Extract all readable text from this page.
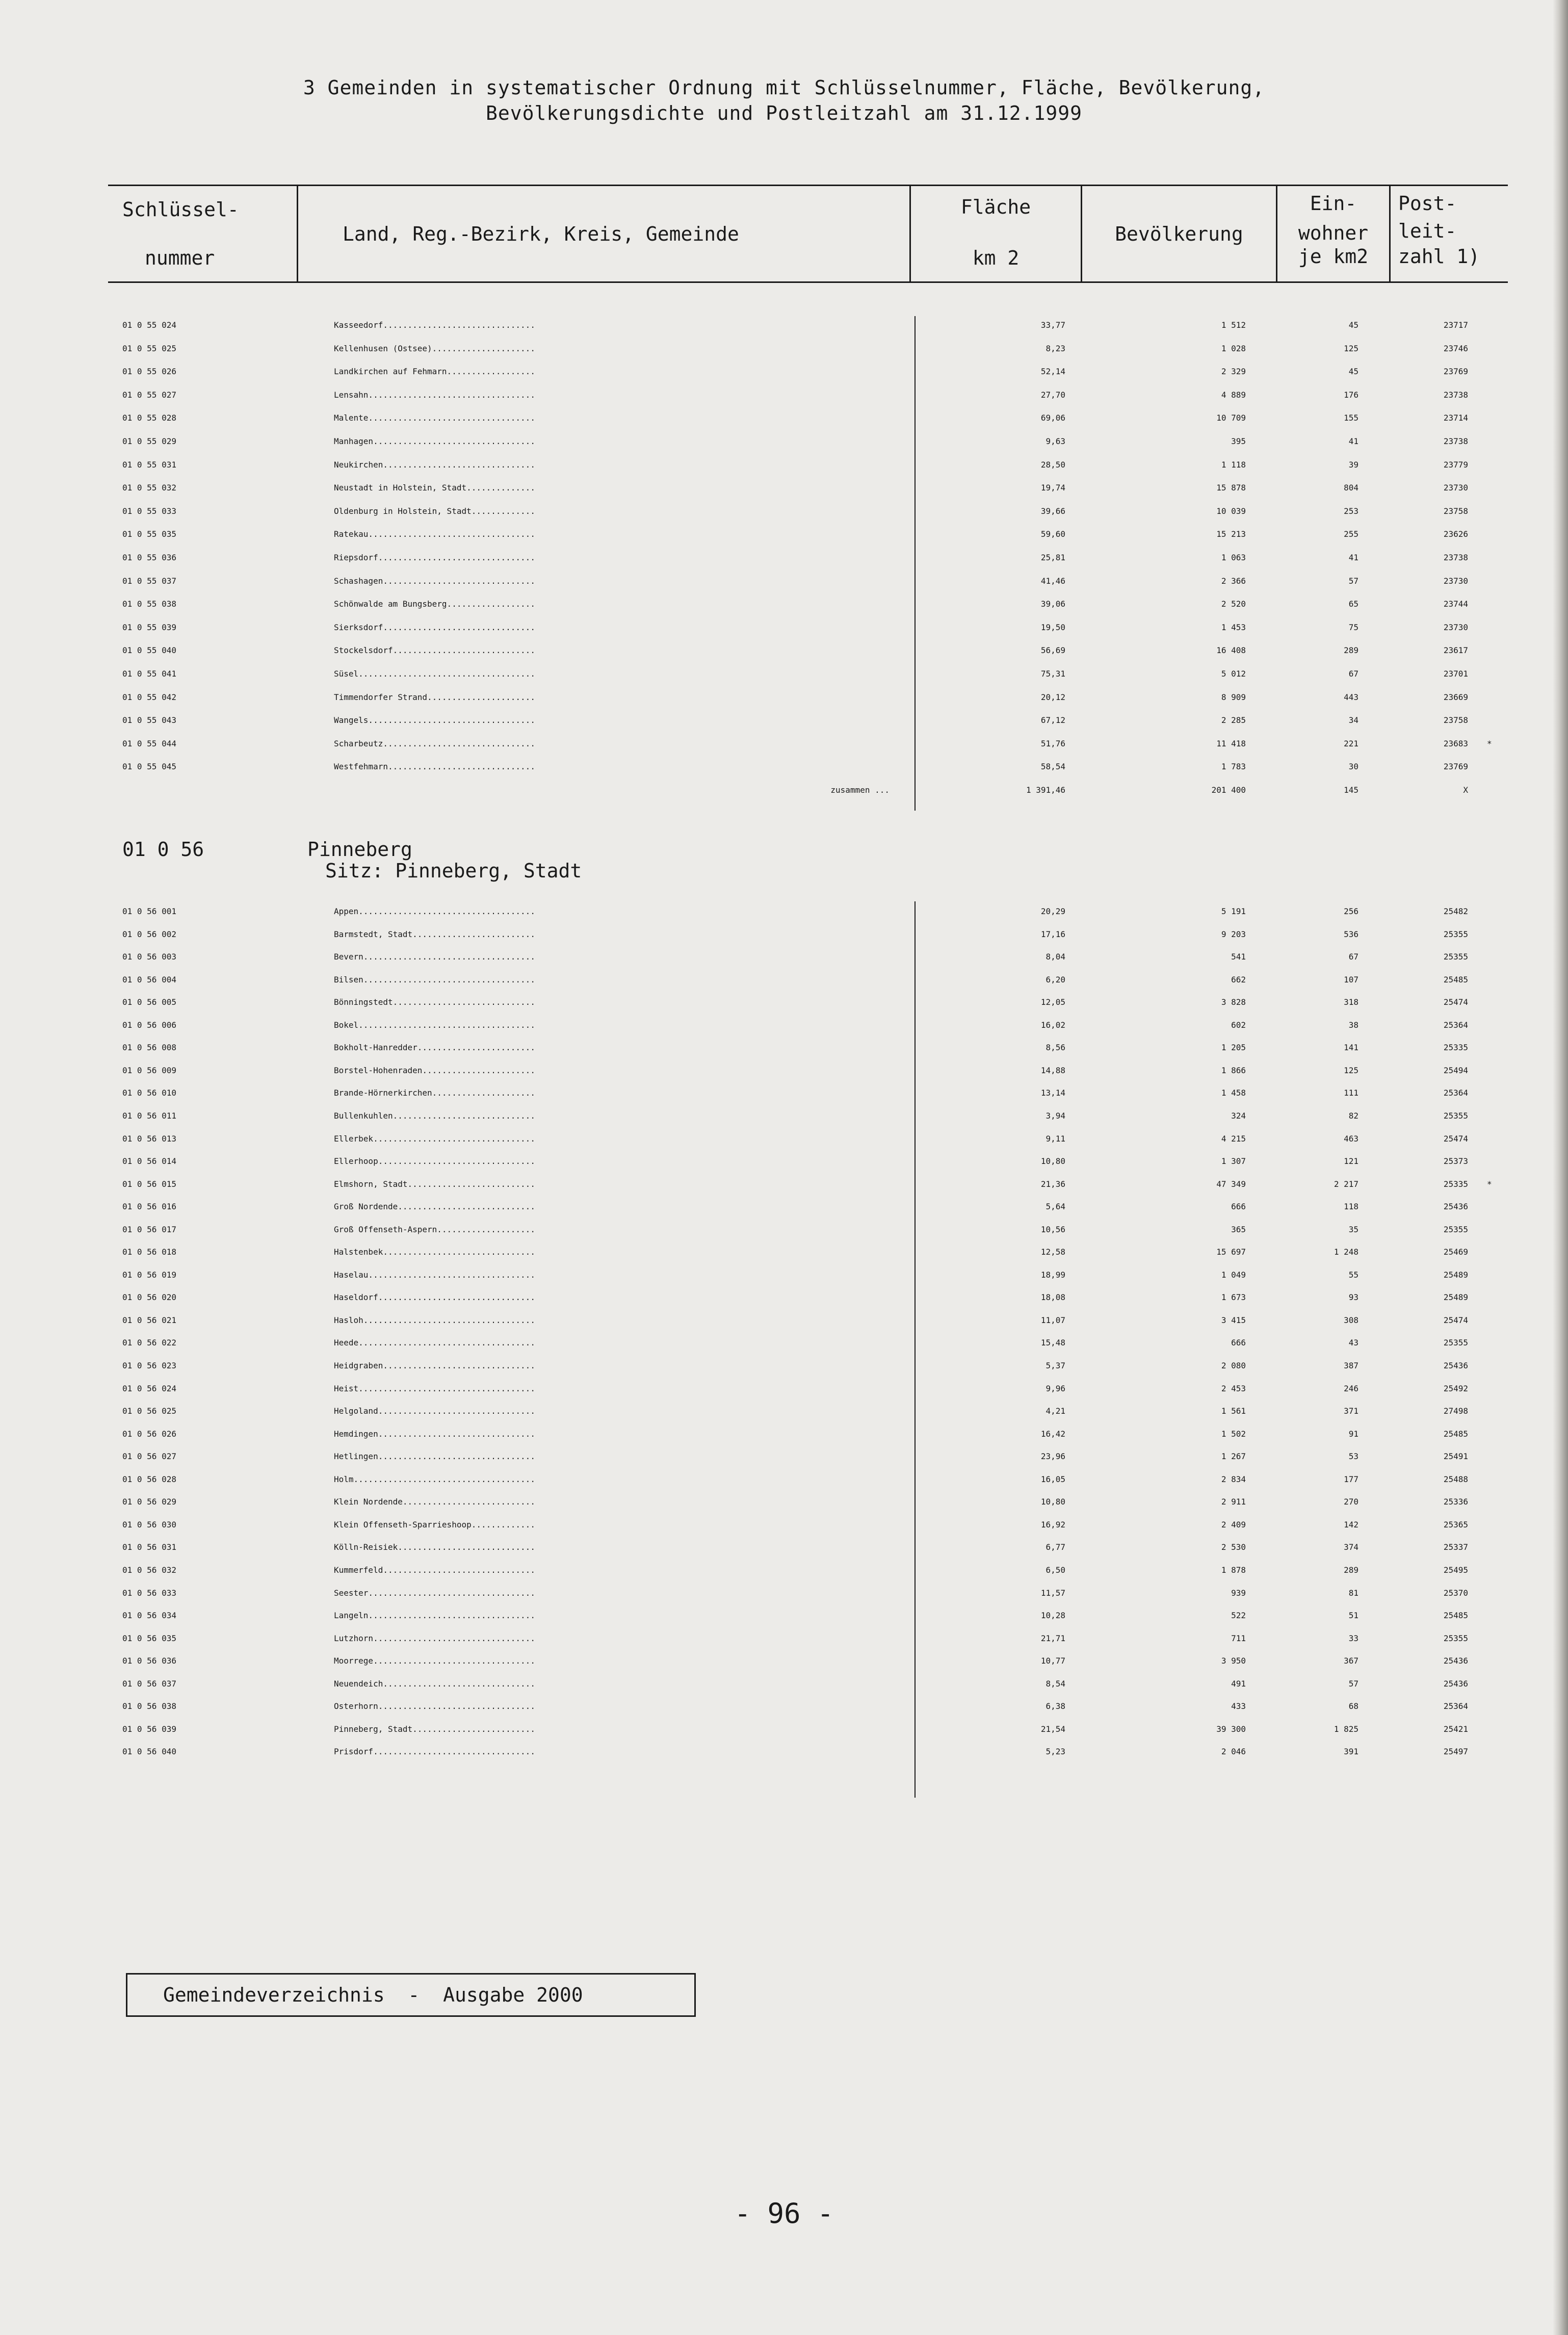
3 Gemeinden in systematischer Ordnung mit Schlüsselnummer, Fläche, Bevölkerung,
Bevölkerungsdichte und Postleitzahl am 31.12.1999
Schlüssel-
nummer
Land, Reg.-Bezirk, Kreis, Gemeinde
Fläche
km 2
Bevölkerung
Ein-
wohner
je km2
Post-
leit-
zahl 1)
01 0 55 024	Kasseedorf...............................	33,77	1 512	45	23717
01 0 55 025	Kellenhusen (Ostsee).....................	8,23	1 028	125	23746
01 0 55 026	Landkirchen auf Fehmarn..................	52,14	2 329	45	23769
01 0 55 027	Lensahn..................................	27,70	4 889	176	23738
01 0 55 028	Malente..................................	69,06	10 709	155	23714
01 0 55 029	Manhagen.................................	9,63	395	41	23738
01 0 55 031	Neukirchen...............................	28,50	1 118	39	23779
01 0 55 032	Neustadt in Holstein, Stadt..............	19,74	15 878	804	23730
01 0 55 033	Oldenburg in Holstein, Stadt.............	39,66	10 039	253	23758
01 0 55 035	Ratekau..................................	59,60	15 213	255	23626
01 0 55 036	Riepsdorf................................	25,81	1 063	41	23738
01 0 55 037	Schashagen...............................	41,46	2 366	57	23730
01 0 55 038	Schönwalde am Bungsberg..................	39,06	2 520	65	23744
01 0 55 039	Sierksdorf...............................	19,50	1 453	75	23730
01 0 55 040	Stockelsdorf.............................	56,69	16 408	289	23617
01 0 55 041	Süsel....................................	75,31	5 012	67	23701
01 0 55 042	Timmendorfer Strand......................	20,12	8 909	443	23669
01 0 55 043	Wangels..................................	67,12	2 285	34	23758
01 0 55 044	Scharbeutz...............................	51,76	11 418	221	23683 *
01 0 55 045	Westfehmarn..............................	58,54	1 783	30	23769
zusammen ...	1 391,46	201 400	145	X
01 0 56 001	Appen....................................	20,29	5 191	256	25482
01 0 56 002	Barmstedt, Stadt.........................	17,16	9 203	536	25355
01 0 56 003	Bevern...................................	8,04	541	67	25355
01 0 56 004	Bilsen...................................	6,20	662	107	25485
01 0 56 005	Bönningstedt.............................	12,05	3 828	318	25474
01 0 56 006	Bokel....................................	16,02	602	38	25364
01 0 56 008	Bokholt-Hanredder........................	8,56	1 205	141	25335
01 0 56 009	Borstel-Hohenraden.......................	14,88	1 866	125	25494
01 0 56 010	Brande-Hörnerkirchen.....................	13,14	1 458	111	25364
01 0 56 011	Bullenkuhlen.............................	3,94	324	82	25355
01 0 56 013	Ellerbek.................................	9,11	4 215	463	25474
01 0 56 014	Ellerhoop................................	10,80	1 307	121	25373
01 0 56 015	Elmshorn, Stadt..........................	21,36	47 349	2 217	25335 *
01 0 56 016	Groß Nordende............................	5,64	666	118	25436
01 0 56 017	Groß Offenseth-Aspern....................	10,56	365	35	25355
01 0 56 018	Halstenbek...............................	12,58	15 697	1 248	25469
01 0 56 019	Haselau..................................	18,99	1 049	55	25489
01 0 56 020	Haseldorf................................	18,08	1 673	93	25489
01 0 56 021	Hasloh...................................	11,07	3 415	308	25474
01 0 56 022	Heede....................................	15,48	666	43	25355
01 0 56 023	Heidgraben...............................	5,37	2 080	387	25436
01 0 56 024	Heist....................................	9,96	2 453	246	25492
01 0 56 025	Helgoland................................	4,21	1 561	371	27498
01 0 56 026	Hemdingen................................	16,42	1 502	91	25485
01 0 56 027	Hetlingen................................	23,96	1 267	53	25491
01 0 56 028	Holm.....................................	16,05	2 834	177	25488
01 0 56 029	Klein Nordende...........................	10,80	2 911	270	25336
01 0 56 030	Klein Offenseth-Sparrieshoop.............	16,92	2 409	142	25365
01 0 56 031	Kölln-Reisiek............................	6,77	2 530	374	25337
01 0 56 032	Kummerfeld...............................	6,50	1 878	289	25495
01 0 56 033	Seester..................................	11,57	939	81	25370
01 0 56 034	Langeln..................................	10,28	522	51	25485
01 0 56 035	Lutzhorn.................................	21,71	711	33	25355
01 0 56 036	Moorrege.................................	10,77	3 950	367	25436
01 0 56 037	Neuendeich...............................	8,54	491	57	25436
01 0 56 038	Osterhorn................................	6,38	433	68	25364
01 0 56 039	Pinneberg, Stadt.........................	21,54	39 300	1 825	25421
01 0 56 040	Prisdorf.................................	5,23	2 046	391	25497
01 0 56	Pinneberg
Sitz: Pinneberg, Stadt
Gemeindeverzeichnis  -  Ausgabe 2000
- 96 -
